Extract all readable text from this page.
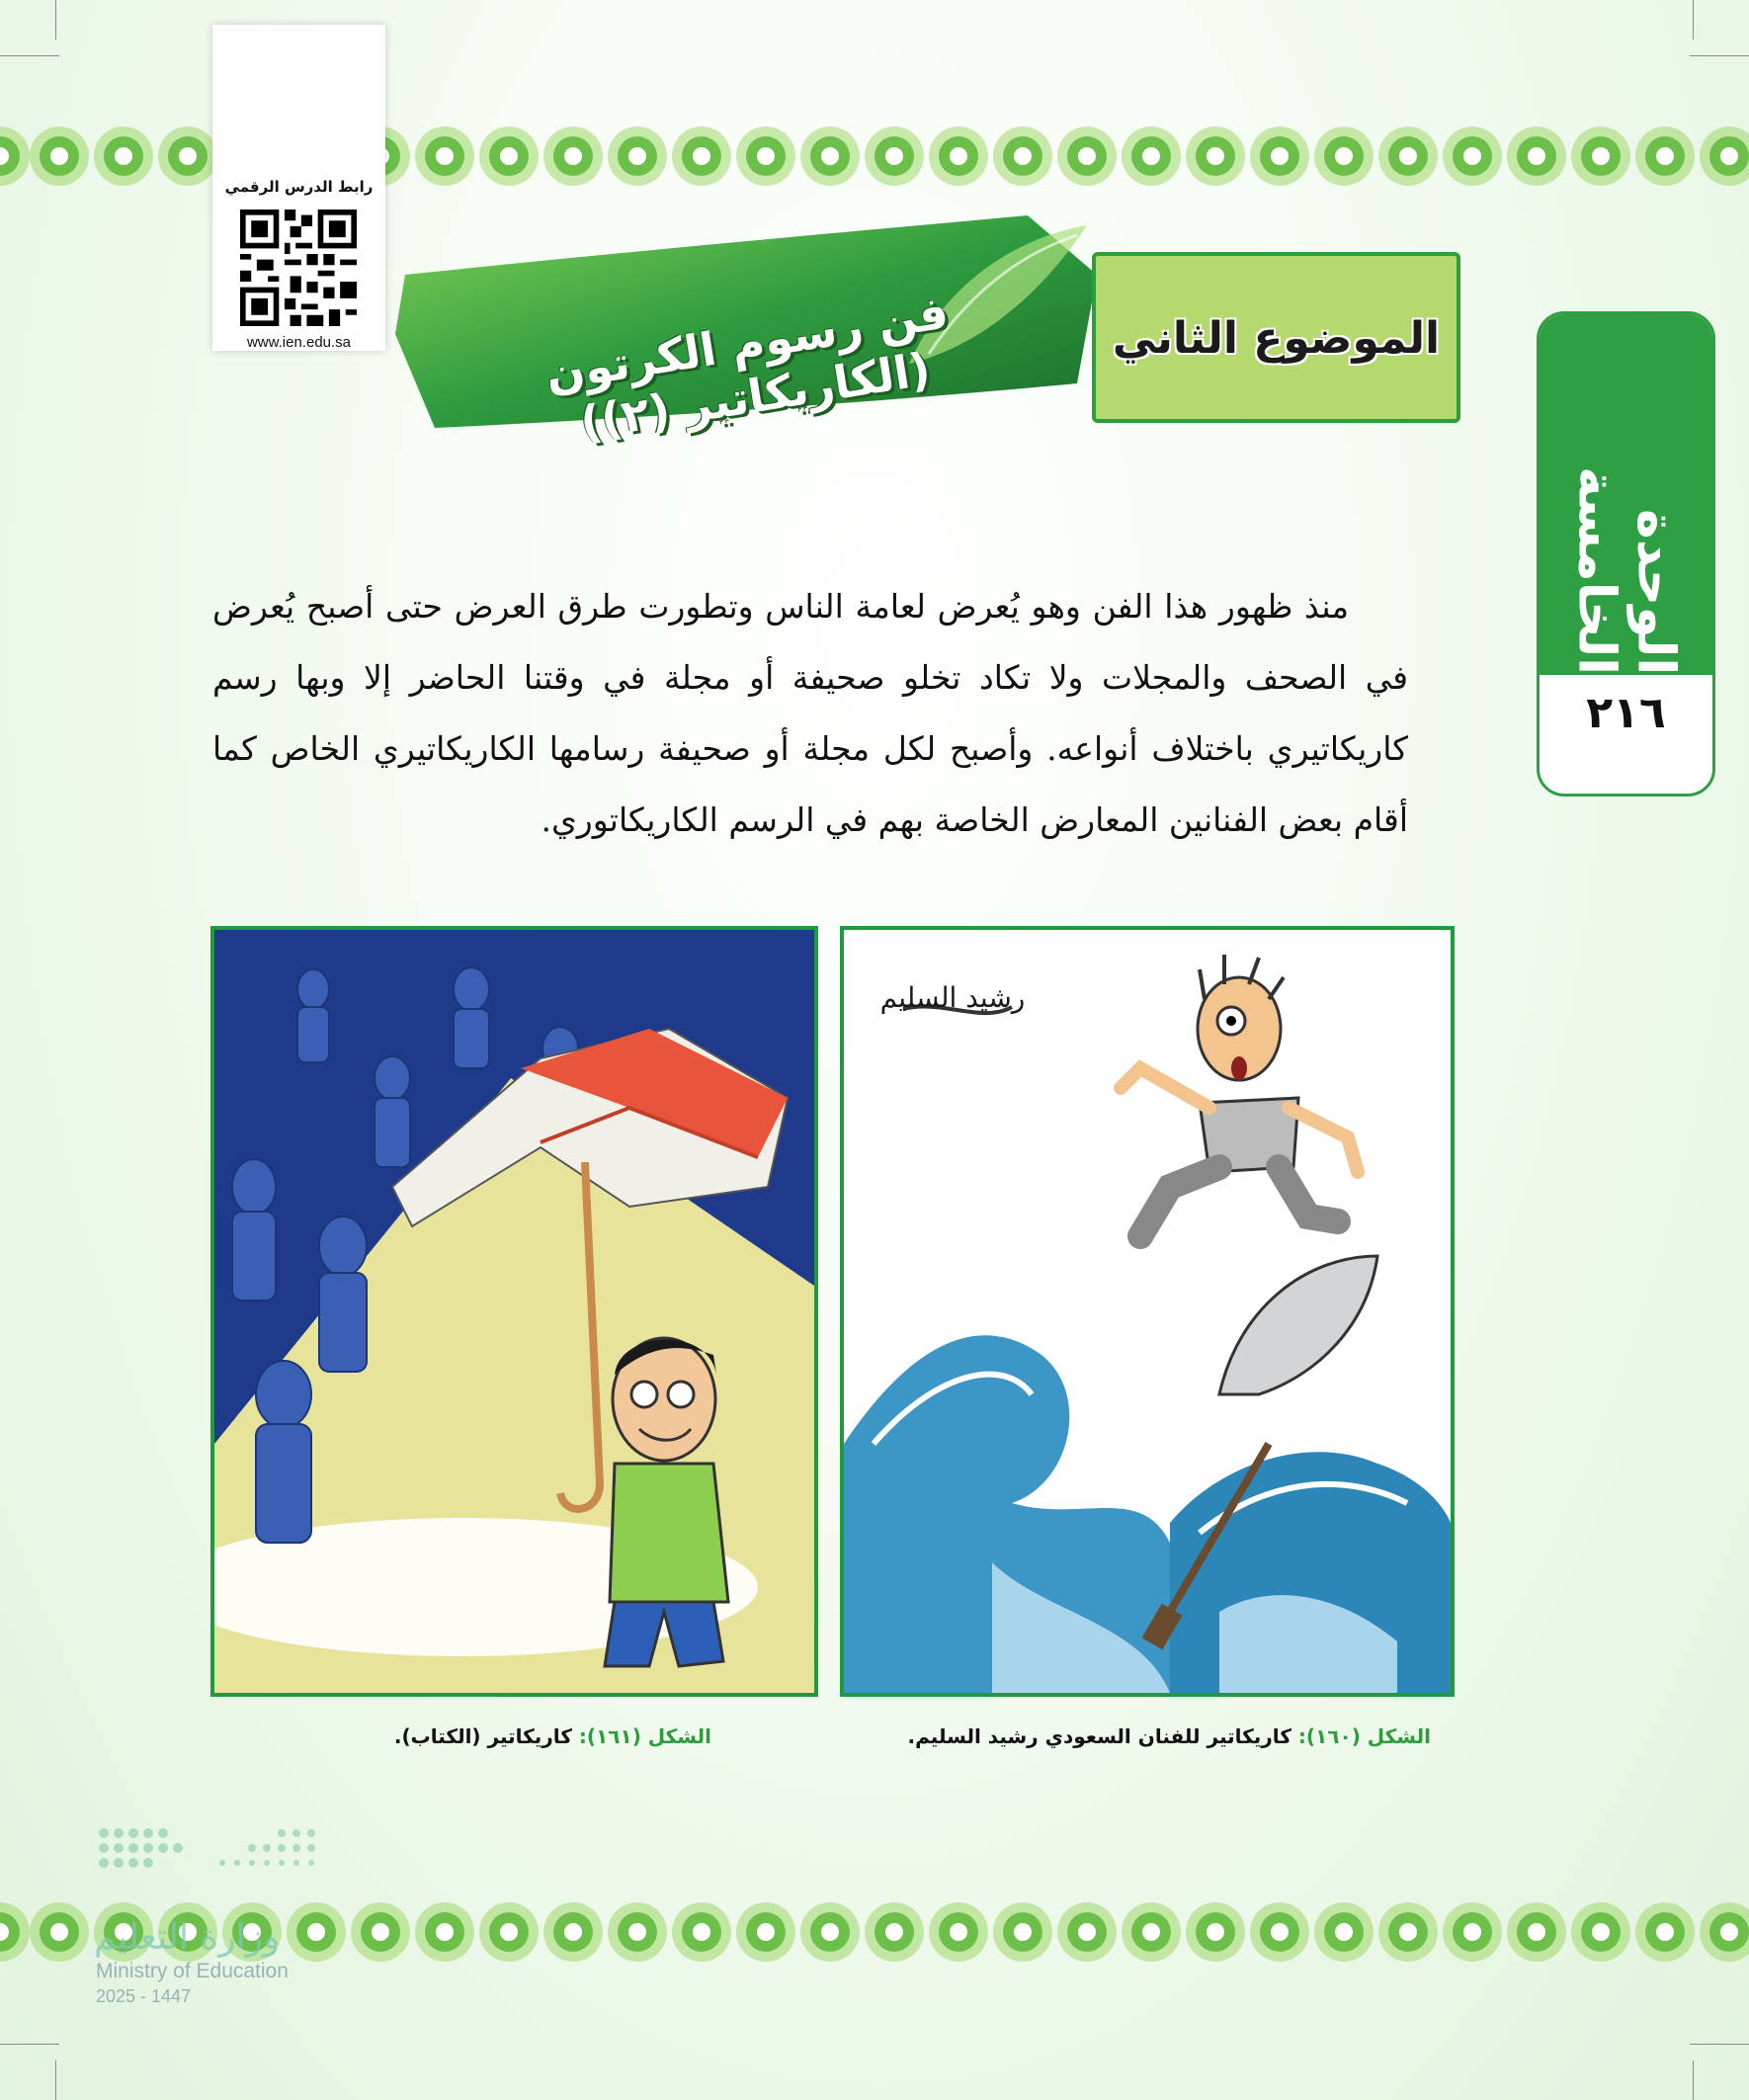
رابط الدرس الرقمي
www.ien.edu.sa	فن رسوم الكرتون (الكاريكاتير (٢))
الموضوع الثاني
الوحدة الخامسة
٢١٦

منذ ظهور هذا الفن وهو يُعرض لعامة الناس وتطورت طرق العرض حتى أصبح يُعرض في الصحف والمجلات ولا تكاد تخلو صحيفة أو مجلة في وقتنا الحاضر إلا وبها رسم كاريكاتيري باختلاف أنواعه. وأصبح لكل مجلة أو صحيفة رسامها الكاريكاتيري الخاص كما أقام بعض الفنانين المعارض الخاصة بهم في الرسم الكاريكاتوري.

رشيد السليم
الشكل (١٦٠): كاريكاتير للفنان السعودي رشيد السليم.
الشكل (١٦١): كاريكاتير (الكتاب).
وزارة التعليم
Ministry of Education
2025 - 1447
